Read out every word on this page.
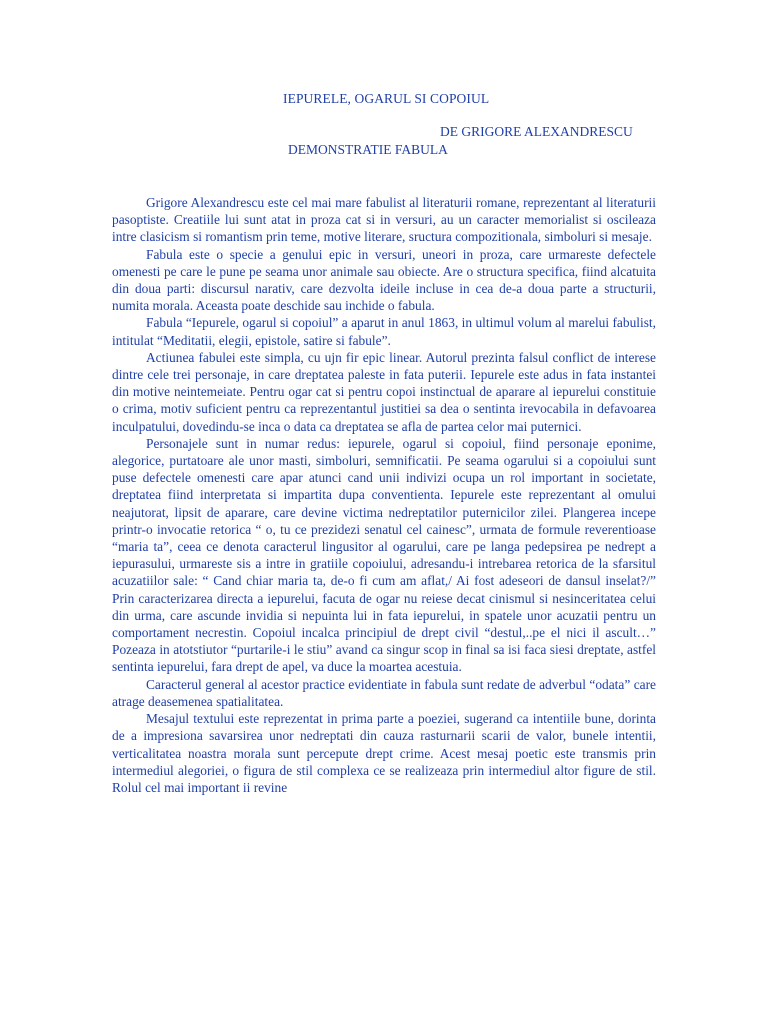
IEPURELE, OGARUL SI COPOIUL
DE GRIGORE ALEXANDRESCU
DEMONSTRATIE FABULA

Grigore Alexandrescu este cel mai mare fabulist al literaturii romane, reprezentant al literaturii pasoptiste. Creatiile lui sunt atat in proza cat si in versuri, au un caracter memorialist si oscileaza intre clasicism si romantism prin teme, motive literare, sructura compozitionala, simboluri si mesaje.

Fabula este o specie a genului epic in versuri, uneori in proza, care urmareste defectele omenesti pe care le pune pe seama unor animale sau obiecte. Are o structura specifica, fiind alcatuita din doua parti: discursul narativ, care dezvolta ideile incluse in cea de-a doua parte a structurii, numita morala. Aceasta poate deschide sau inchide o fabula.

Fabula “Iepurele, ogarul si copoiul” a aparut in anul 1863, in ultimul volum al marelui fabulist, intitulat “Meditatii, elegii, epistole, satire si fabule”.

Actiunea fabulei este simpla, cu ujn fir epic linear. Autorul prezinta falsul conflict de interese dintre cele trei personaje, in care dreptatea paleste in fata puterii. Iepurele este adus in fata instantei din motive neintemeiate. Pentru ogar cat si pentru copoi instinctual de aparare al iepurelui constituie o crima, motiv suficient pentru ca reprezentantul justitiei sa dea o sentinta irevocabila in defavoarea inculpatului, dovedindu-se inca o data ca dreptatea se afla de partea celor mai puternici.

Personajele sunt in numar redus: iepurele, ogarul si copoiul, fiind personaje eponime, alegorice, purtatoare ale unor masti, simboluri, semnificatii. Pe seama ogarului si a copoiului sunt puse defectele omenesti care apar atunci cand unii indivizi ocupa un rol important in societate, dreptatea fiind interpretata si impartita dupa conventienta. Iepurele este reprezentant al omului neajutorat, lipsit de aparare, care devine victima nedreptatilor puternicilor zilei. Plangerea incepe printr-o invocatie retorica “ o, tu ce prezidezi senatul cel cainesc”, urmata de formule reverentioase “maria ta”, ceea ce denota caracterul lingusitor al ogarului, care pe langa pedepsirea pe nedrept a iepurasului, urmareste sis a intre in gratiile copoiului, adresandu-i intrebarea retorica de la sfarsitul acuzatiilor sale: “ Cand chiar maria ta, de-o fi cum am aflat,/ Ai fost adeseori de dansul inselat?/” Prin caracterizarea directa a iepurelui, facuta de ogar nu reiese decat cinismul si nesinceritatea celui din urma, care ascunde invidia si nepuinta lui in fata iepurelui, in spatele unor acuzatii pentru un comportament necrestin. Copoiul incalca principiul de drept civil “destul,..pe el nici il ascult…” Pozeaza in atotstiutor “purtarile-i le stiu” avand ca singur scop in final sa isi faca siesi dreptate, astfel sentinta iepurelui, fara drept de apel, va duce la moartea acestuia.

Caracterul general al acestor practice evidentiate in fabula sunt redate de adverbul “odata” care atrage deasemenea spatialitatea.

Mesajul textului este reprezentat in prima parte a poeziei, sugerand ca intentiile bune, dorinta de a impresiona savarsirea unor nedreptati din cauza rasturnarii scarii de valor, bunele intentii, verticalitatea noastra morala sunt percepute drept crime. Acest mesaj poetic este transmis prin intermediul alegoriei, o figura de stil complexa ce se realizeaza prin intermediul altor figure de stil. Rolul cel mai important ii revine
